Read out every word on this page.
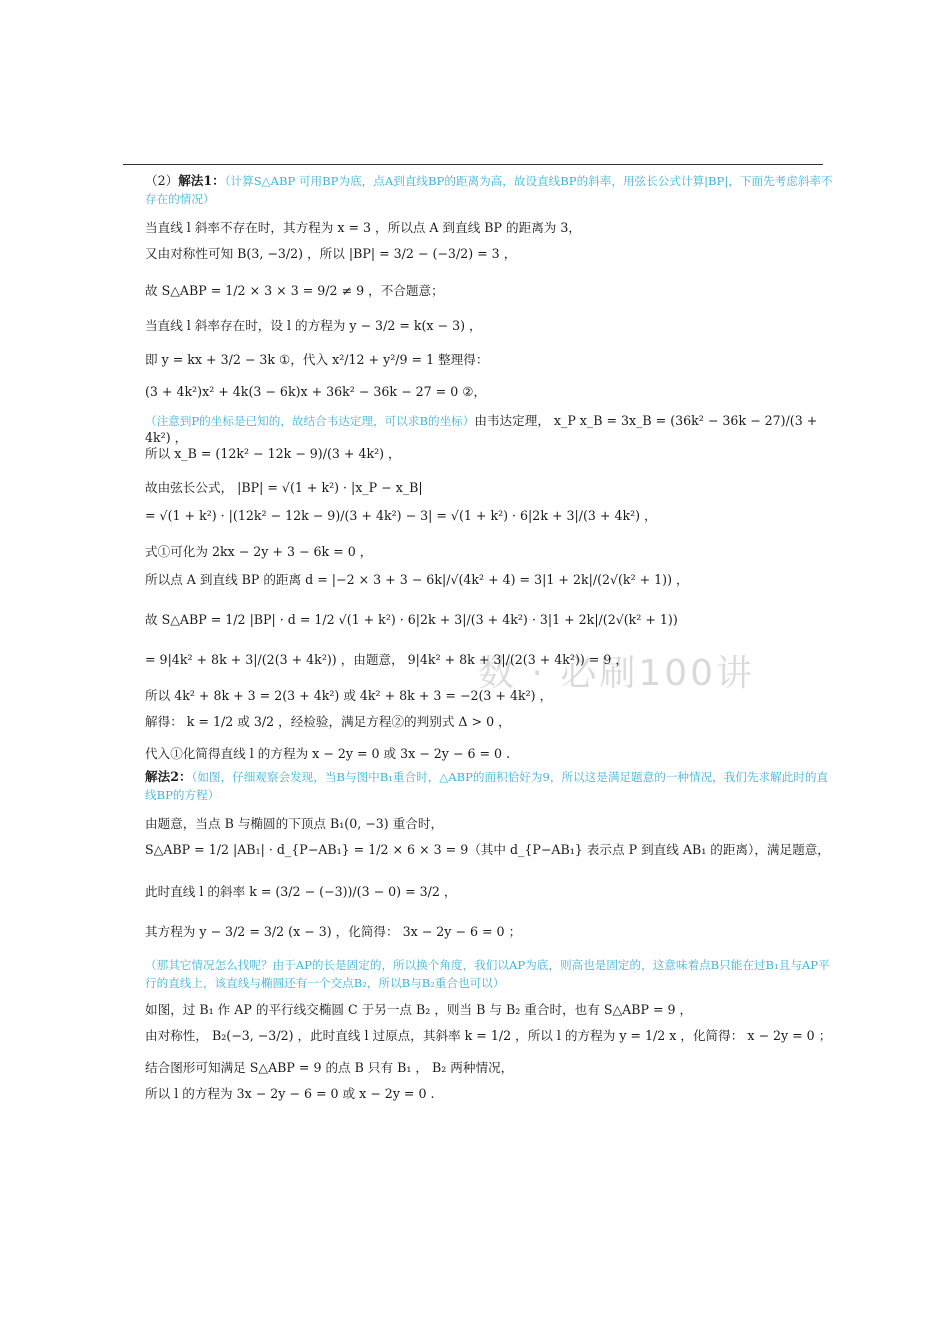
数 · 必刷100讲
（2）解法1：（计算S△ABP 可用BP为底，点A到直线BP的距离为高，故设直线BP的斜率，用弦长公式计算|BP|，下面先考虑斜率不存在的情况）
当直线 l 斜率不存在时，其方程为 x = 3 ，所以点 A 到直线 BP 的距离为 3，
又由对称性可知 B(3, −3/2) ，所以 |BP| = 3/2 − (−3/2) = 3 ，
故 S△ABP = 1/2 × 3 × 3 = 9/2 ≠ 9 ，不合题意；
当直线 l 斜率存在时，设 l 的方程为 y − 3/2 = k(x − 3) ，
即 y = kx + 3/2 − 3k ①，代入 x²/12 + y²/9 = 1 整理得：
(3 + 4k²)x² + 4k(3 − 6k)x + 36k² − 36k − 27 = 0 ②，
（注意到P的坐标是已知的，故结合韦达定理，可以求B的坐标）由韦达定理， x_P x_B = 3x_B = (36k² − 36k − 27)/(3 + 4k²) ，
所以 x_B = (12k² − 12k − 9)/(3 + 4k²) ，
故由弦长公式， |BP| = √(1 + k²) · |x_P − x_B|
= √(1 + k²) · |(12k² − 12k − 9)/(3 + 4k²) − 3| = √(1 + k²) · 6|2k + 3|/(3 + 4k²) ，
式①可化为 2kx − 2y + 3 − 6k = 0 ，
所以点 A 到直线 BP 的距离 d = |−2 × 3 + 3 − 6k|/√(4k² + 4) = 3|1 + 2k|/(2√(k² + 1)) ，
故 S△ABP = 1/2 |BP| · d = 1/2 √(1 + k²) · 6|2k + 3|/(3 + 4k²) · 3|1 + 2k|/(2√(k² + 1))
= 9|4k² + 8k + 3|/(2(3 + 4k²)) ，由题意， 9|4k² + 8k + 3|/(2(3 + 4k²)) = 9 ，
所以 4k² + 8k + 3 = 2(3 + 4k²) 或 4k² + 8k + 3 = −2(3 + 4k²) ，
解得： k = 1/2 或 3/2 ，经检验，满足方程②的判别式 Δ > 0 ，
代入①化简得直线 l 的方程为 x − 2y = 0 或 3x − 2y − 6 = 0 .
解法2：（如图，仔细观察会发现，当B与图中B₁重合时，△ABP的面积恰好为9，所以这是满足题意的一种情况，我们先求解此时的直线BP的方程）
由题意，当点 B 与椭圆的下顶点 B₁(0, −3) 重合时，
S△ABP = 1/2 |AB₁| · d_{P−AB₁} = 1/2 × 6 × 3 = 9（其中 d_{P−AB₁} 表示点 P 到直线 AB₁ 的距离），满足题意，
此时直线 l 的斜率 k = (3/2 − (−3))/(3 − 0) = 3/2 ，
其方程为 y − 3/2 = 3/2 (x − 3) ，化简得： 3x − 2y − 6 = 0 ；
（那其它情况怎么找呢？由于AP的长是固定的，所以换个角度，我们以AP为底，则高也是固定的，这意味着点B只能在过B₁且与AP平行的直线上，该直线与椭圆还有一个交点B₂，所以B与B₂重合也可以）
如图，过 B₁ 作 AP 的平行线交椭圆 C 于另一点 B₂ ，则当 B 与 B₂ 重合时，也有 S△ABP = 9 ，
由对称性， B₂(−3, −3/2) ，此时直线 l 过原点，其斜率 k = 1/2 ，所以 l 的方程为 y = 1/2 x ，化简得： x − 2y = 0 ；
结合图形可知满足 S△ABP = 9 的点 B 只有 B₁ ， B₂ 两种情况，
所以 l 的方程为 3x − 2y − 6 = 0 或 x − 2y = 0 .
